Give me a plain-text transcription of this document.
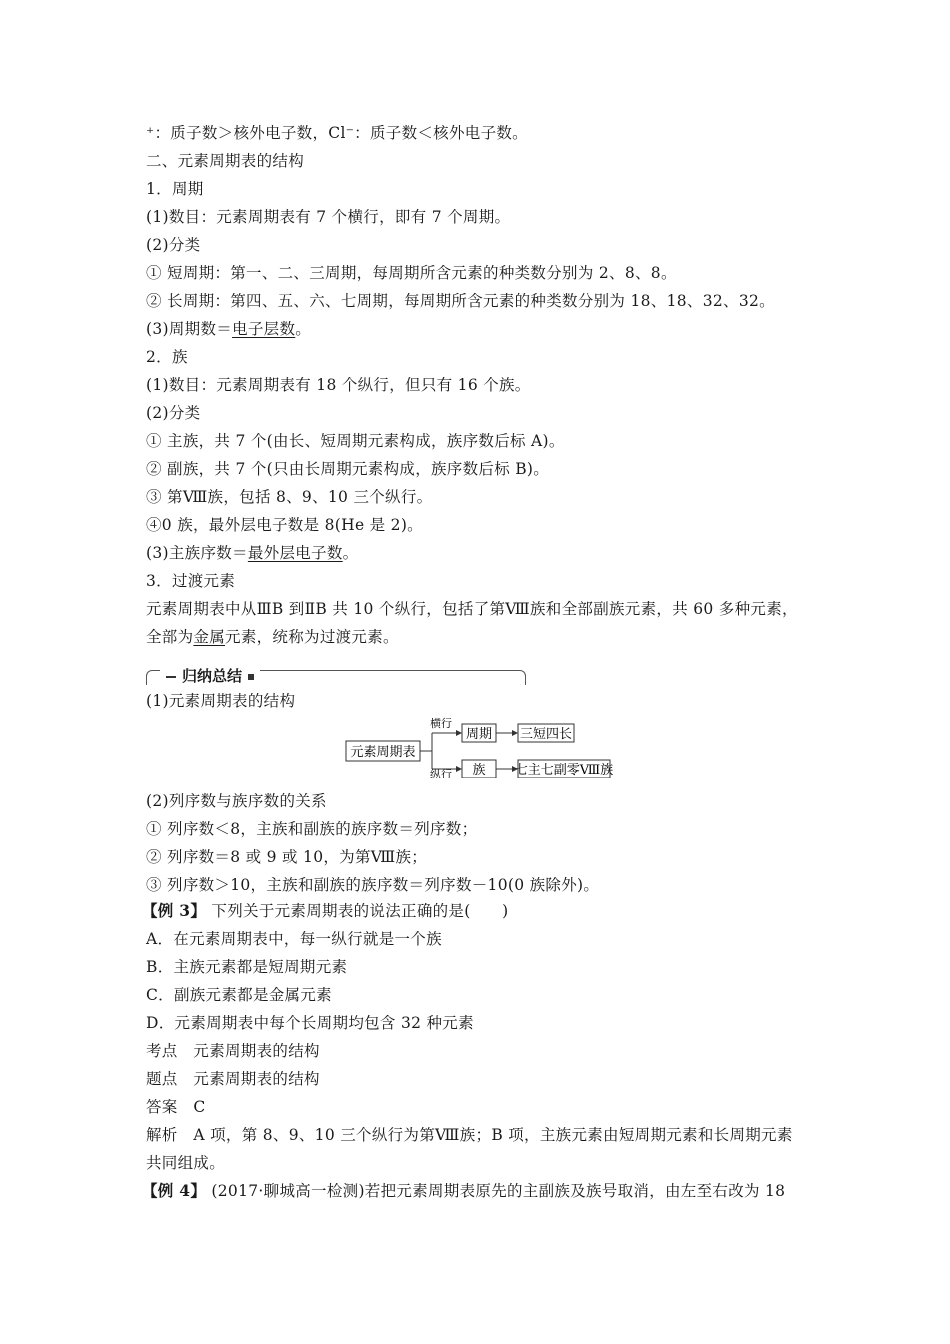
⁺：质子数＞核外电子数，Cl⁻：质子数＜核外电子数。
二、元素周期表的结构
1．周期
(1)数目：元素周期表有 7 个横行，即有 7 个周期。
(2)分类
① 短周期：第一、二、三周期，每周期所含元素的种类数分别为 2、8、8。
② 长周期：第四、五、六、七周期，每周期所含元素的种类数分别为 18、18、32、32。
(3)周期数＝电子层数。
2．族
(1)数目：元素周期表有 18 个纵行，但只有 16 个族。
(2)分类
① 主族，共 7 个(由长、短周期元素构成，族序数后标 A)。
② 副族，共 7 个(只由长周期元素构成，族序数后标 B)。
③ 第Ⅷ族，包括 8、9、10 三个纵行。
④0 族，最外层电子数是 8(He 是 2)。
(3)主族序数＝最外层电子数。
3．过渡元素
元素周期表中从ⅢB 到ⅡB 共 10 个纵行，包括了第Ⅷ族和全部副族元素，共 60 多种元素，
全部为金属元素，统称为过渡元素。
归纳总结
(1)元素周期表的结构
元素周期表
横行
纵行
周期
族
三短四长
七主七副零Ⅷ族
(2)列序数与族序数的关系
① 列序数＜8，主族和副族的族序数＝列序数；
② 列序数＝8 或 9 或 10，为第Ⅷ族；
③ 列序数＞10，主族和副族的族序数＝列序数－10(0 族除外)。
【例 3】 下列关于元素周期表的说法正确的是(　　)
A．在元素周期表中，每一纵行就是一个族
B．主族元素都是短周期元素
C．副族元素都是金属元素
D．元素周期表中每个长周期均包含 32 种元素
考点　元素周期表的结构
题点　元素周期表的结构
答案　C
解析　A 项，第 8、9、10 三个纵行为第Ⅷ族；B 项，主族元素由短周期元素和长周期元素
共同组成。
【例 4】 (2017·聊城高一检测)若把元素周期表原先的主副族及族号取消，由左至右改为 18
